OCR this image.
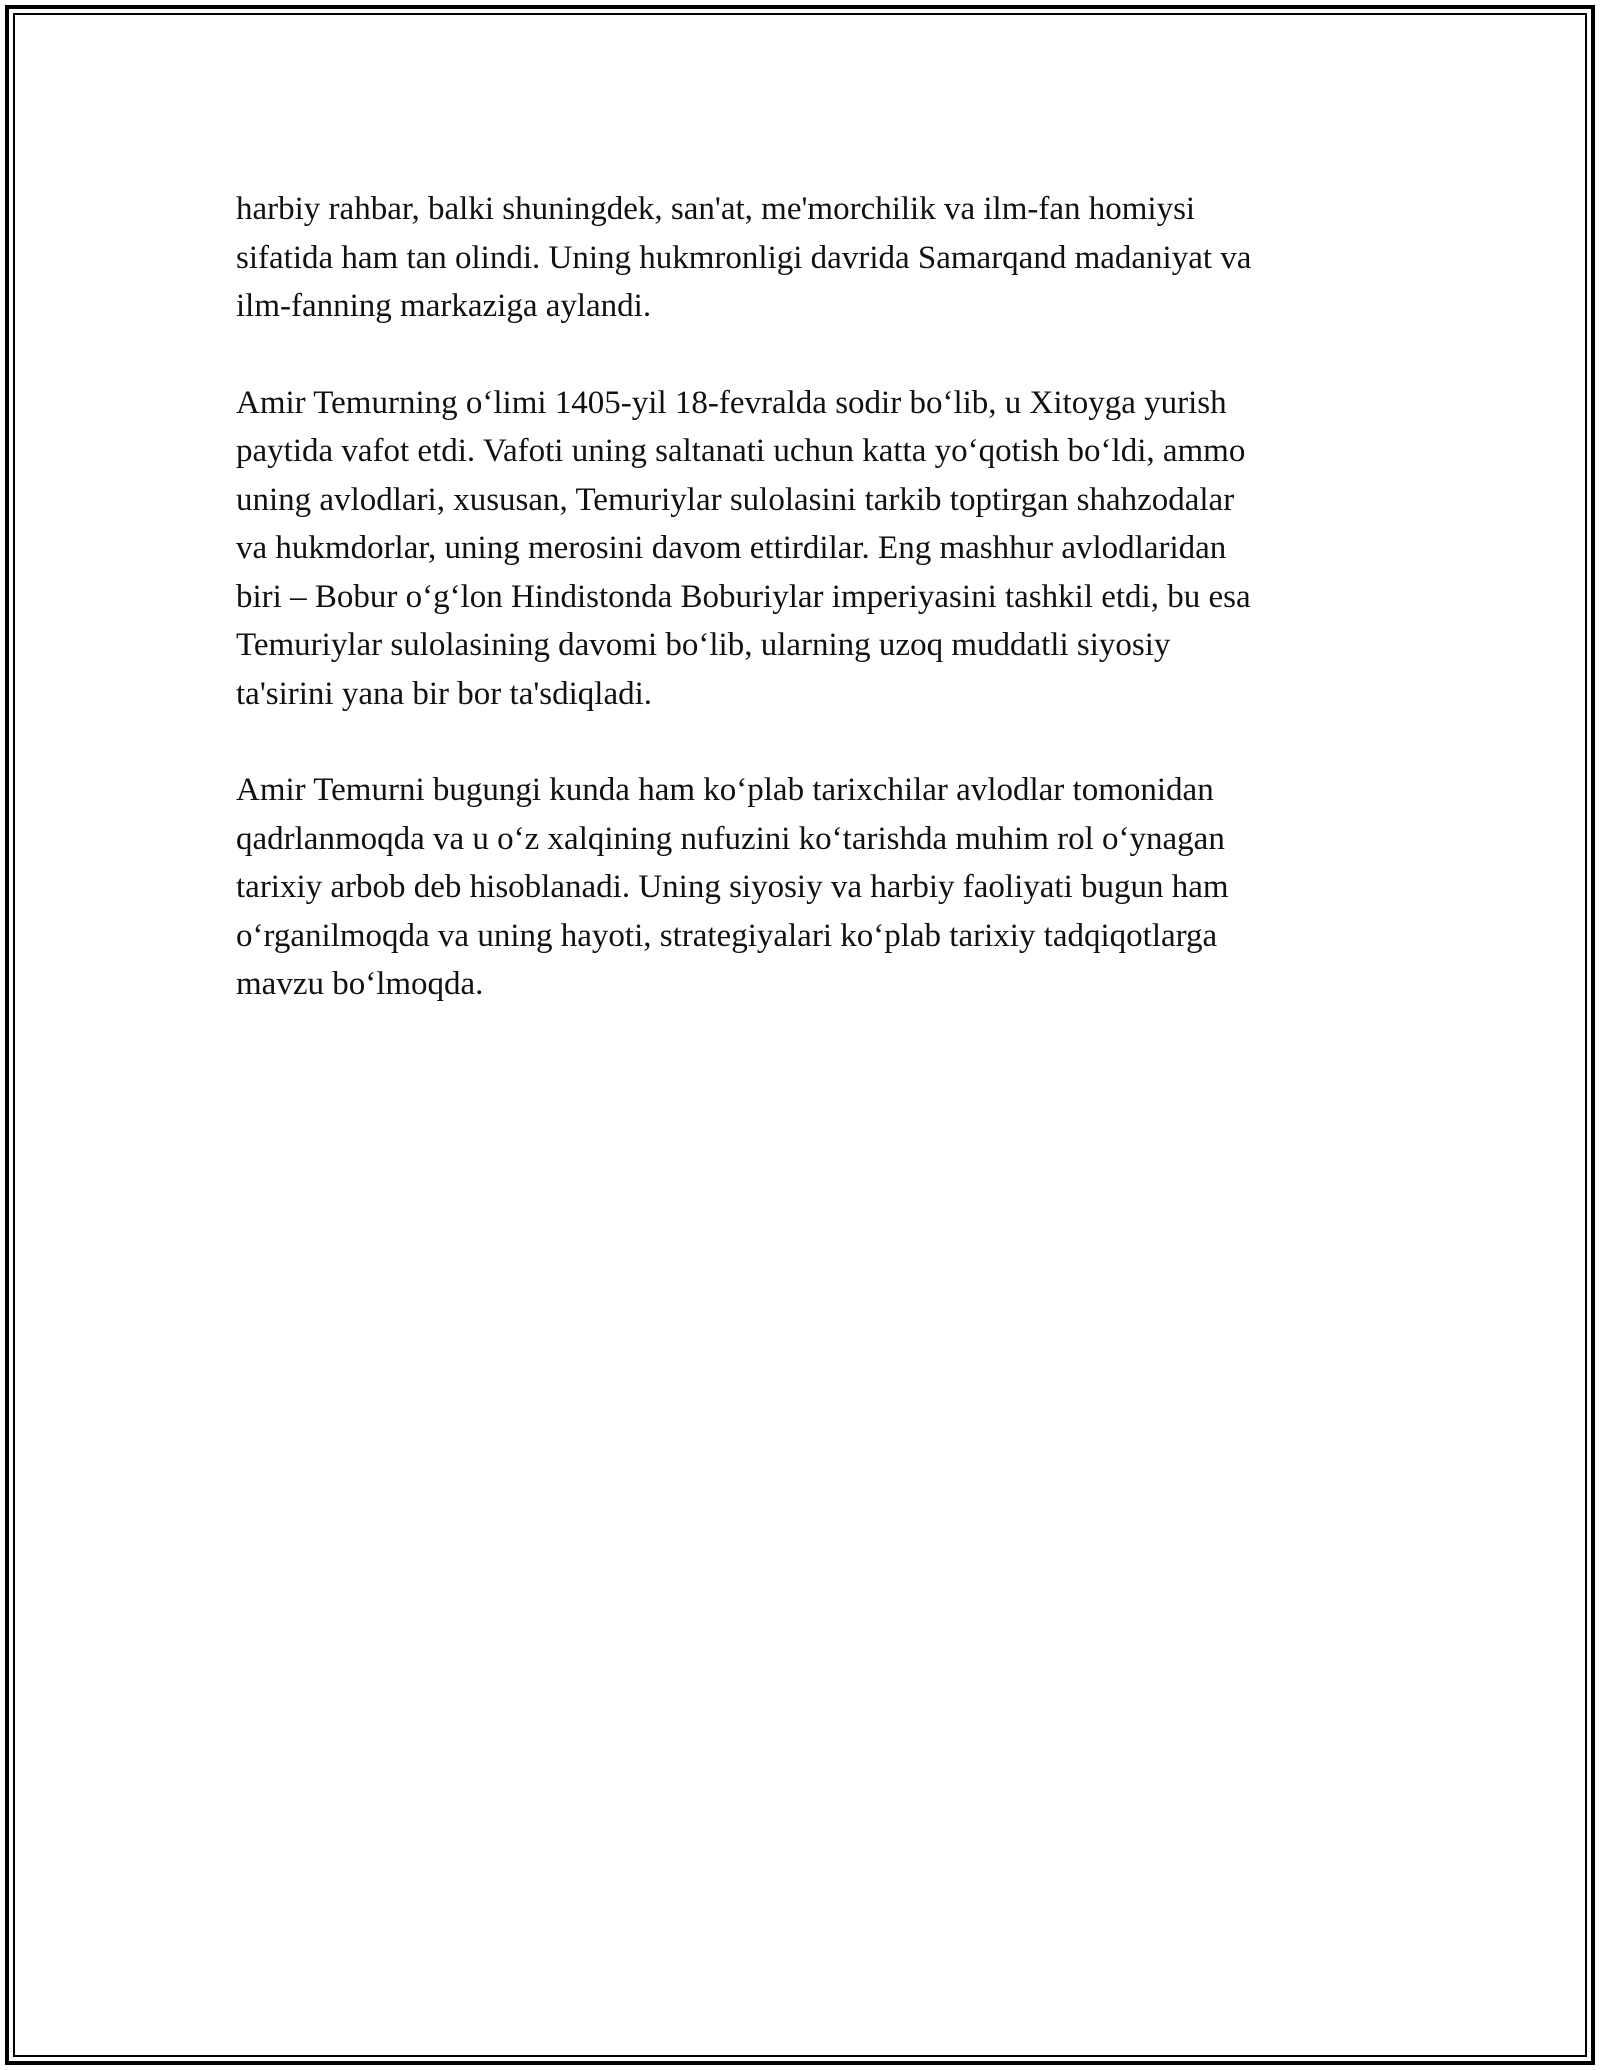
harbiy rahbar, balki shuningdek, san'at, me'morchilik va ilm-fan homiysi
sifatida ham tan olindi. Uning hukmronligi davrida Samarqand madaniyat va
ilm-fanning markaziga aylandi.

Amir Temurning o‘limi 1405-yil 18-fevralda sodir bo‘lib, u Xitoyga yurish
paytida vafot etdi. Vafoti uning saltanati uchun katta yo‘qotish bo‘ldi, ammo
uning avlodlari, xususan, Temuriylar sulolasini tarkib toptirgan shahzodalar
va hukmdorlar, uning merosini davom ettirdilar. Eng mashhur avlodlaridan
biri – Bobur o‘g‘lon Hindistonda Boburiylar imperiyasini tashkil etdi, bu esa
Temuriylar sulolasining davomi bo‘lib, ularning uzoq muddatli siyosiy
ta'sirini yana bir bor ta'sdiqladi.

Amir Temurni bugungi kunda ham ko‘plab tarixchilar avlodlar tomonidan
qadrlanmoqda va u o‘z xalqining nufuzini ko‘tarishda muhim rol o‘ynagan
tarixiy arbob deb hisoblanadi. Uning siyosiy va harbiy faoliyati bugun ham
o‘rganilmoqda va uning hayoti, strategiyalari ko‘plab tarixiy tadqiqotlarga
mavzu bo‘lmoqda.
